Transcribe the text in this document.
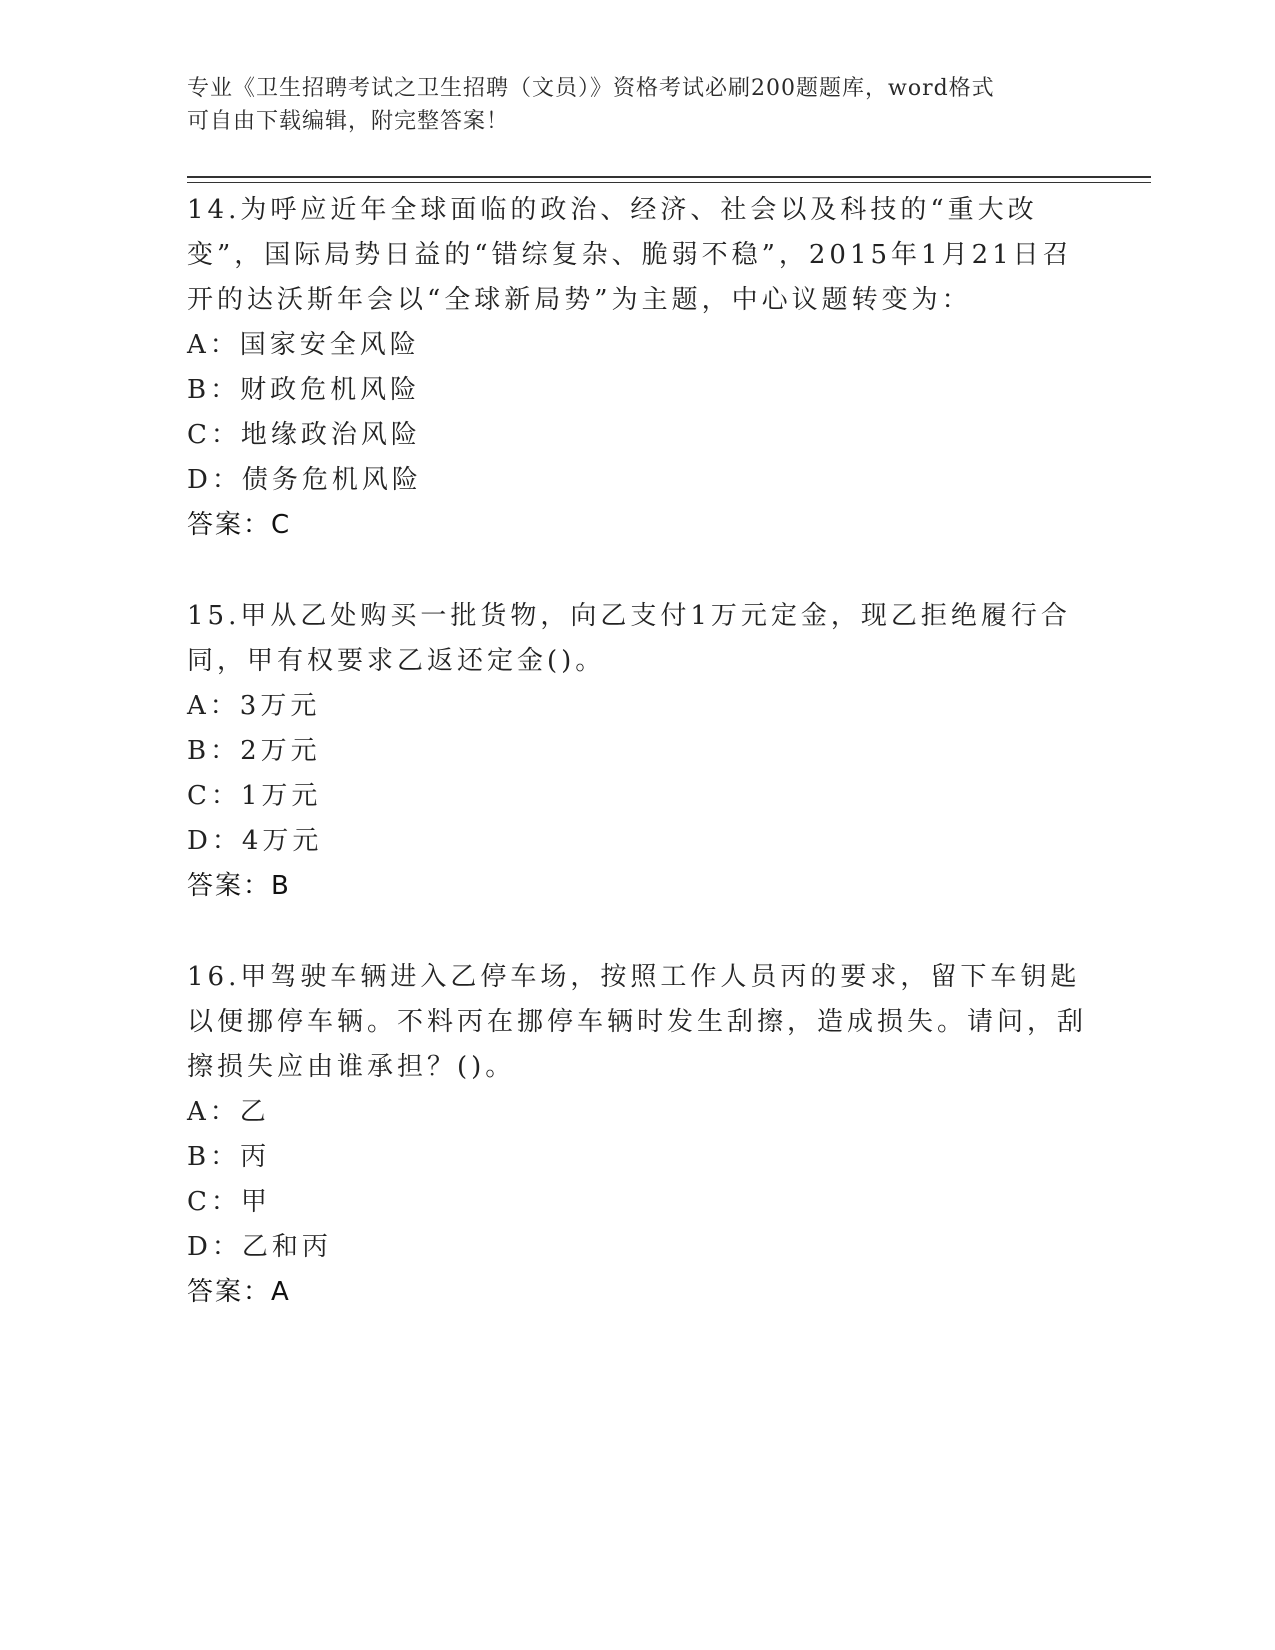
专业《卫生招聘考试之卫生招聘（文员）》资格考试必刷200题题库，word格式
可自由下载编辑，附完整答案！

14.为呼应近年全球面临的政治、经济、社会以及科技的“重大改变”，国际局势日益的“错综复杂、脆弱不稳”，2015年1月21日召开的达沃斯年会以“全球新局势”为主题，中心议题转变为：

A：国家安全风险

B：财政危机风险

C：地缘政治风险

D：债务危机风险

答案：C

15.甲从乙处购买一批货物，向乙支付1万元定金，现乙拒绝履行合同，甲有权要求乙返还定金()。

A：3万元

B：2万元

C：1万元

D：4万元

答案：B

16.甲驾驶车辆进入乙停车场，按照工作人员丙的要求，留下车钥匙以便挪停车辆。不料丙在挪停车辆时发生刮擦，造成损失。请问，刮擦损失应由谁承担？()。

A：乙

B：丙

C：甲

D：乙和丙

答案：A
